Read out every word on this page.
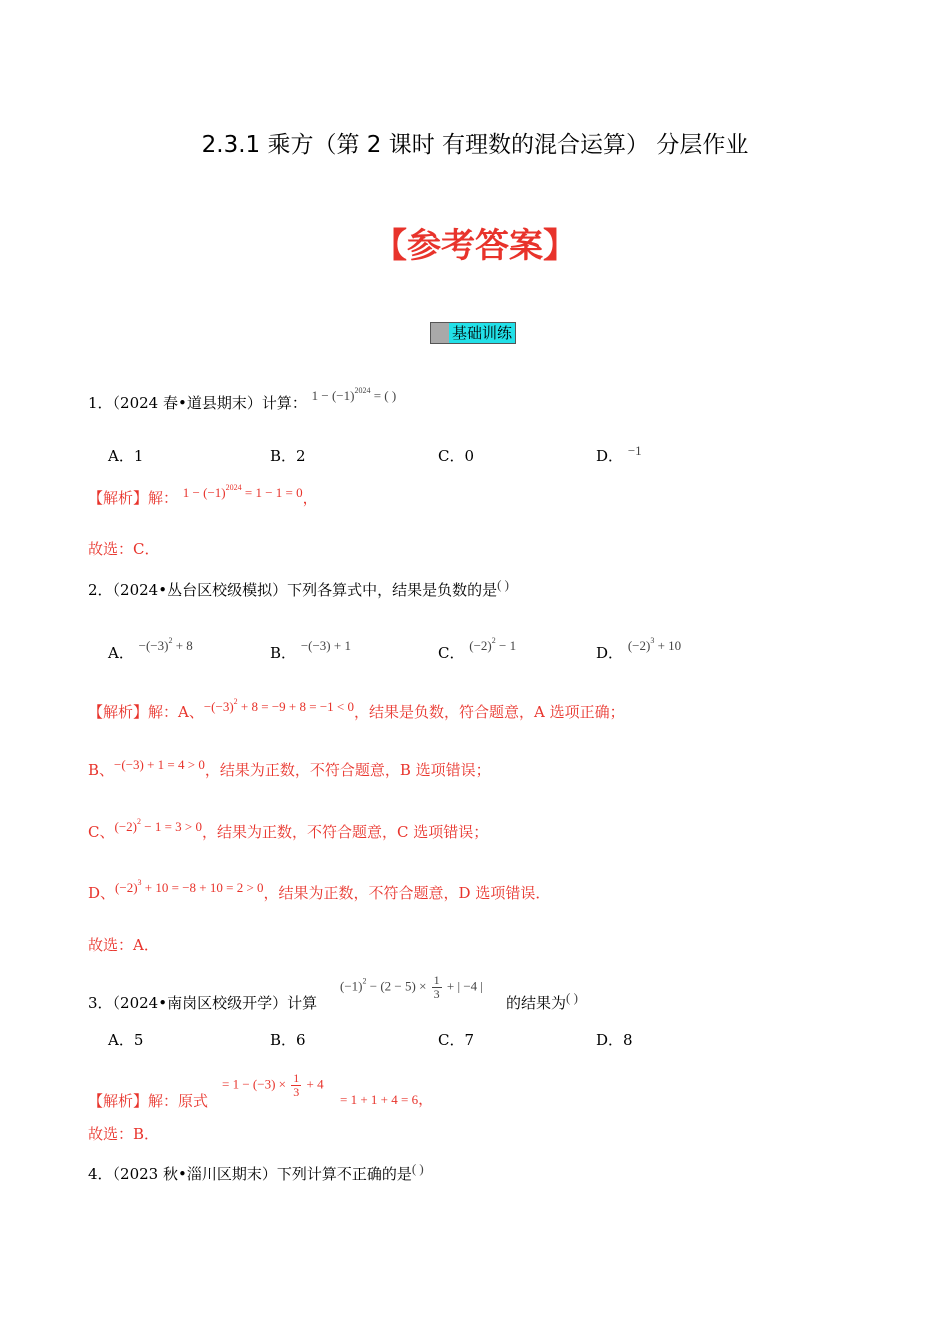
2.3.1 乘方（第 2 课时 有理数的混合运算） 分层作业
【参考答案】
基础训练
1．（2024 春•道县期末）计算： $1 - (-1)^{2024}$ = ( )
A．1	B．2	C．0	D． −1
【解析】解： $1 - (-1)^{2024} = 1 - 1 = 0$，
故选：C．
2．（2024•丛台区校级模拟）下列各算式中，结果是负数的是( )
A． $-(-3)^2 + 8$	B． −(−3) + 1	C． $(-2)^2 - 1$	D． $(-2)^3 + 10$
【解析】解：A、$-(-3)^2 + 8 = -9 + 8 = -1 < 0$，结果是负数，符合题意，A 选项正确；
B、−(−3) + 1 = 4 > 0，结果为正数，不符合题意，B 选项错误；
C、$(-2)^2 - 1 = 3 > 0$，结果为正数，不符合题意，C 选项错误；
D、$(-2)^3 + 10 = -8 + 10 = 2 > 0$，结果为正数，不符合题意，D 选项错误．
故选：A．
3．（2024•南岗区校级开学）计算
$(-1)^2 - (2 - 5) \times \frac{1}{3}$ + | −4 |
的结果为( )
A．5	B．6	C．7	D．8
【解析】解：原式
= $1 - (-3) \times \frac{1}{3} + 4$
= 1 + 1 + 4 = 6，
故选：B．
4．（2023 秋•淄川区期末）下列计算不正确的是( )
